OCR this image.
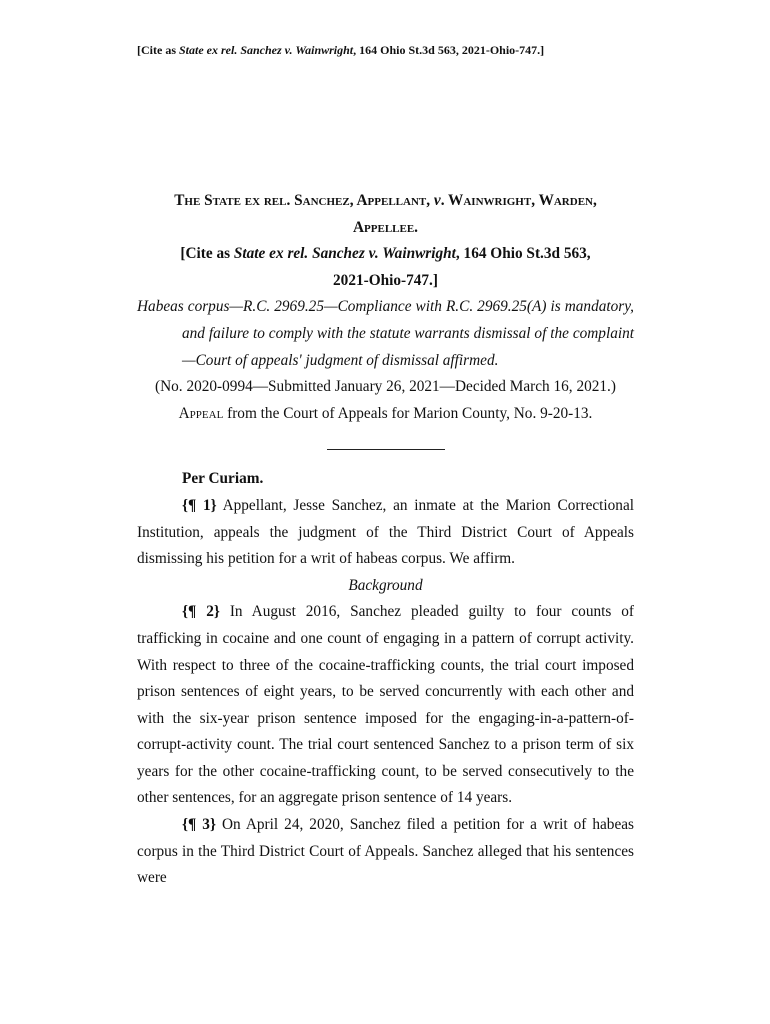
[Cite as State ex rel. Sanchez v. Wainwright, 164 Ohio St.3d 563, 2021-Ohio-747.]
The State ex rel. Sanchez, Appellant, v. Wainwright, Warden,
Appellee.
[Cite as State ex rel. Sanchez v. Wainwright, 164 Ohio St.3d 563,
2021-Ohio-747.]

Habeas corpus—R.C. 2969.25—Compliance with R.C. 2969.25(A) is mandatory, and failure to comply with the statute warrants dismissal of the complaint—Court of appeals' judgment of dismissal affirmed.

(No. 2020-0994—Submitted January 26, 2021—Decided March 16, 2021.)

Appeal from the Court of Appeals for Marion County, No. 9-20-13.

Per Curiam.

{¶ 1} Appellant, Jesse Sanchez, an inmate at the Marion Correctional Institution, appeals the judgment of the Third District Court of Appeals dismissing his petition for a writ of habeas corpus. We affirm.

Background

{¶ 2} In August 2016, Sanchez pleaded guilty to four counts of trafficking in cocaine and one count of engaging in a pattern of corrupt activity. With respect to three of the cocaine-trafficking counts, the trial court imposed prison sentences of eight years, to be served concurrently with each other and with the six-year prison sentence imposed for the engaging-in-a-pattern-of-corrupt-activity count. The trial court sentenced Sanchez to a prison term of six years for the other cocaine-trafficking count, to be served consecutively to the other sentences, for an aggregate prison sentence of 14 years.

{¶ 3} On April 24, 2020, Sanchez filed a petition for a writ of habeas corpus in the Third District Court of Appeals. Sanchez alleged that his sentences were
